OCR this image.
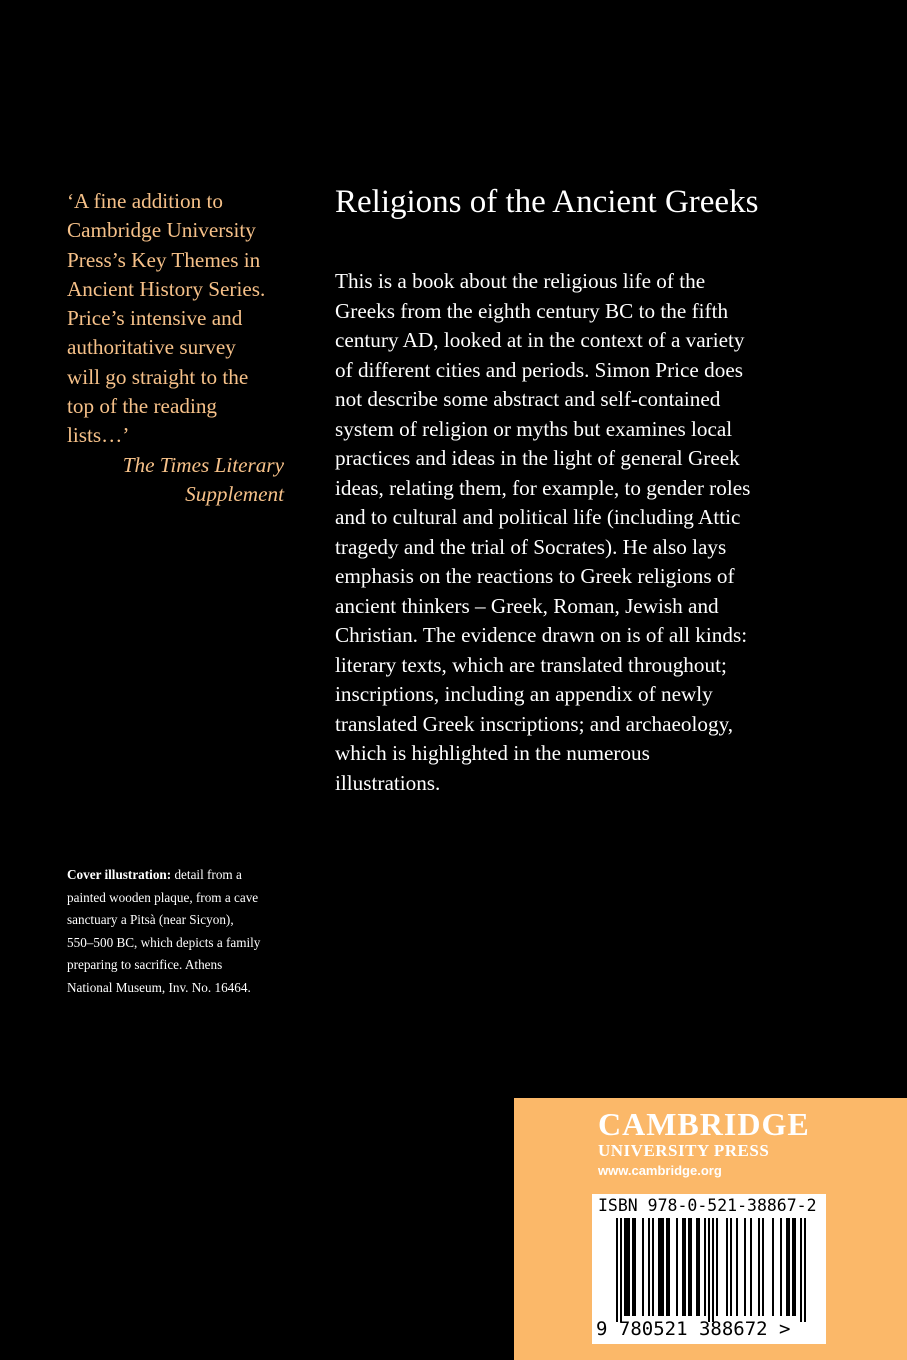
‘A fine addition to
Cambridge University
Press’s Key Themes in
Ancient History Series.
Price’s intensive and
authoritative survey
will go straight to the
top of the reading
lists…’
The Times Literary
Supplement
Religions of the Ancient Greeks
This is a book about the religious life of the
Greeks from the eighth century BC to the fifth
century AD, looked at in the context of a variety
of different cities and periods. Simon Price does
not describe some abstract and self-contained
system of religion or myths but examines local
practices and ideas in the light of general Greek
ideas, relating them, for example, to gender roles
and to cultural and political life (including Attic
tragedy and the trial of Socrates). He also lays
emphasis on the reactions to Greek religions of
ancient thinkers – Greek, Roman, Jewish and
Christian. The evidence drawn on is of all kinds:
literary texts, which are translated throughout;
inscriptions, including an appendix of newly
translated Greek inscriptions; and archaeology,
which is highlighted in the numerous
illustrations.
Cover illustration: detail from a
painted wooden plaque, from a cave
sanctuary a Pitsà (near Sicyon),
550–500 BC, which depicts a family
preparing to sacrifice. Athens
National Museum, Inv. No. 16464.
CAMBRIDGE
UNIVERSITY PRESS
www.cambridge.org
ISBN 978-0-521-38867-2
9 780521 388672 >
